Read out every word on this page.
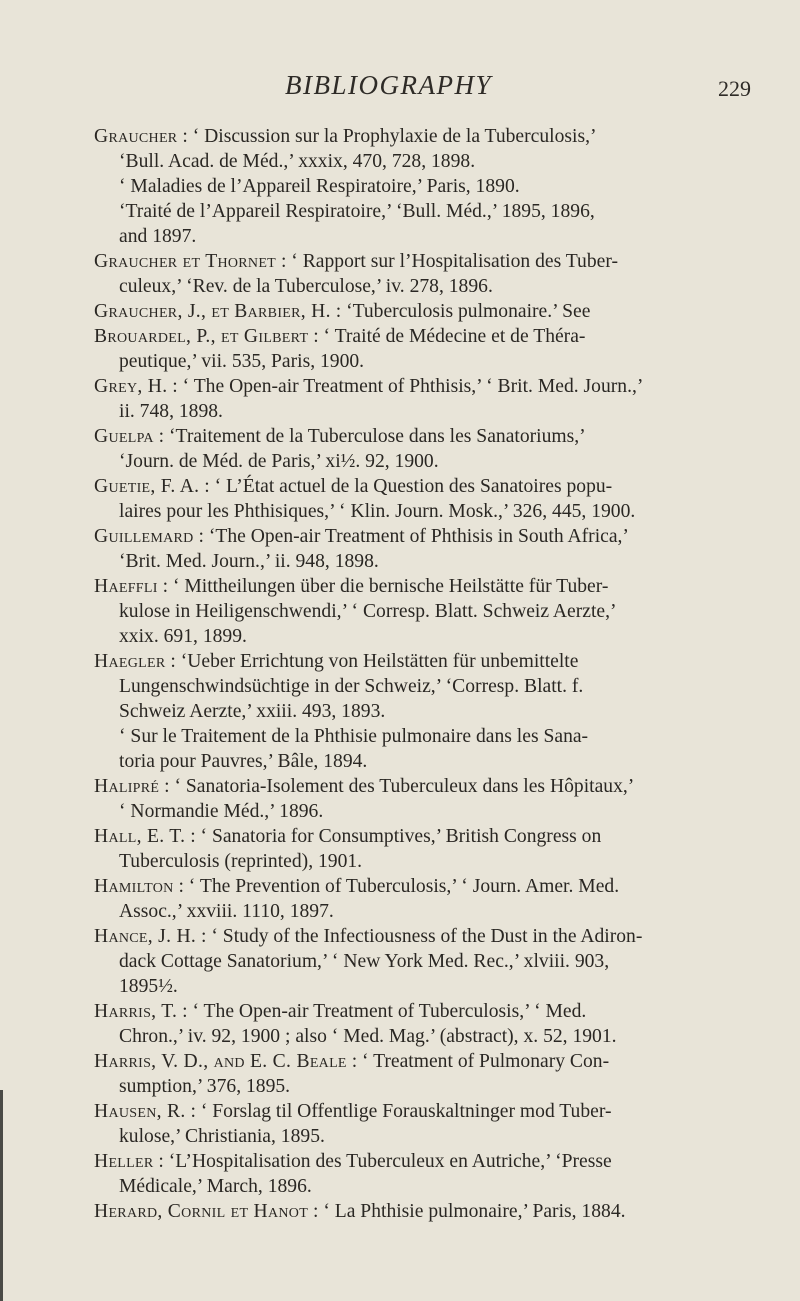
BIBLIOGRAPHY	229
Graucher : ‘ Discussion sur la Prophylaxie de la Tuberculosis,’
‘Bull. Acad. de Méd.,’ xxxix, 470, 728, 1898.
‘ Maladies de l’Appareil Respiratoire,’ Paris, 1890.
‘Traité de l’Appareil Respiratoire,’ ‘Bull. Méd.,’ 1895, 1896,
and 1897.
Graucher et Thornet : ‘ Rapport sur l’Hospitalisation des Tuber-
culeux,’ ‘Rev. de la Tuberculose,’ iv. 278, 1896.
Graucher, J., et Barbier, H. : ‘Tuberculosis pulmonaire.’ See
Brouardel, P., et Gilbert : ‘ Traité de Médecine et de Théra-
peutique,’ vii. 535, Paris, 1900.
Grey, H. : ‘ The Open-air Treatment of Phthisis,’ ‘ Brit. Med. Journ.,’
ii. 748, 1898.
Guelpa : ‘Traitement de la Tuberculose dans les Sanatoriums,’
‘Journ. de Méd. de Paris,’ xi½. 92, 1900.
Guetie, F. A. : ‘ L’État actuel de la Question des Sanatoires popu-
laires pour les Phthisiques,’ ‘ Klin. Journ. Mosk.,’ 326, 445, 1900.
Guillemard : ‘The Open-air Treatment of Phthisis in South Africa,’
‘Brit. Med. Journ.,’ ii. 948, 1898.
Haeffli : ‘ Mittheilungen über die bernische Heilstätte für Tuber-
kulose in Heiligenschwendi,’ ‘ Corresp. Blatt. Schweiz Aerzte,’
xxix. 691, 1899.
Haegler : ‘Ueber Errichtung von Heilstätten für unbemittelte
Lungenschwindsüchtige in der Schweiz,’ ‘Corresp. Blatt. f.
Schweiz Aerzte,’ xxiii. 493, 1893.
‘ Sur le Traitement de la Phthisie pulmonaire dans les Sana-
toria pour Pauvres,’ Bâle, 1894.
Halipré : ‘ Sanatoria-Isolement des Tuberculeux dans les Hôpitaux,’
‘ Normandie Méd.,’ 1896.
Hall, E. T. : ‘ Sanatoria for Consumptives,’ British Congress on
Tuberculosis (reprinted), 1901.
Hamilton : ‘ The Prevention of Tuberculosis,’ ‘ Journ. Amer. Med.
Assoc.,’ xxviii. 1110, 1897.
Hance, J. H. : ‘ Study of the Infectiousness of the Dust in the Adiron-
dack Cottage Sanatorium,’ ‘ New York Med. Rec.,’ xlviii. 903,
1895½.
Harris, T. : ‘ The Open-air Treatment of Tuberculosis,’ ‘ Med.
Chron.,’ iv. 92, 1900 ; also ‘ Med. Mag.’ (abstract), x. 52, 1901.
Harris, V. D., and E. C. Beale : ‘ Treatment of Pulmonary Con-
sumption,’ 376, 1895.
Hausen, R. : ‘ Forslag til Offentlige Forauskaltninger mod Tuber-
kulose,’ Christiania, 1895.
Heller : ‘L’Hospitalisation des Tuberculeux en Autriche,’ ‘Presse
Médicale,’ March, 1896.
Herard, Cornil et Hanot : ‘ La Phthisie pulmonaire,’ Paris, 1884.
